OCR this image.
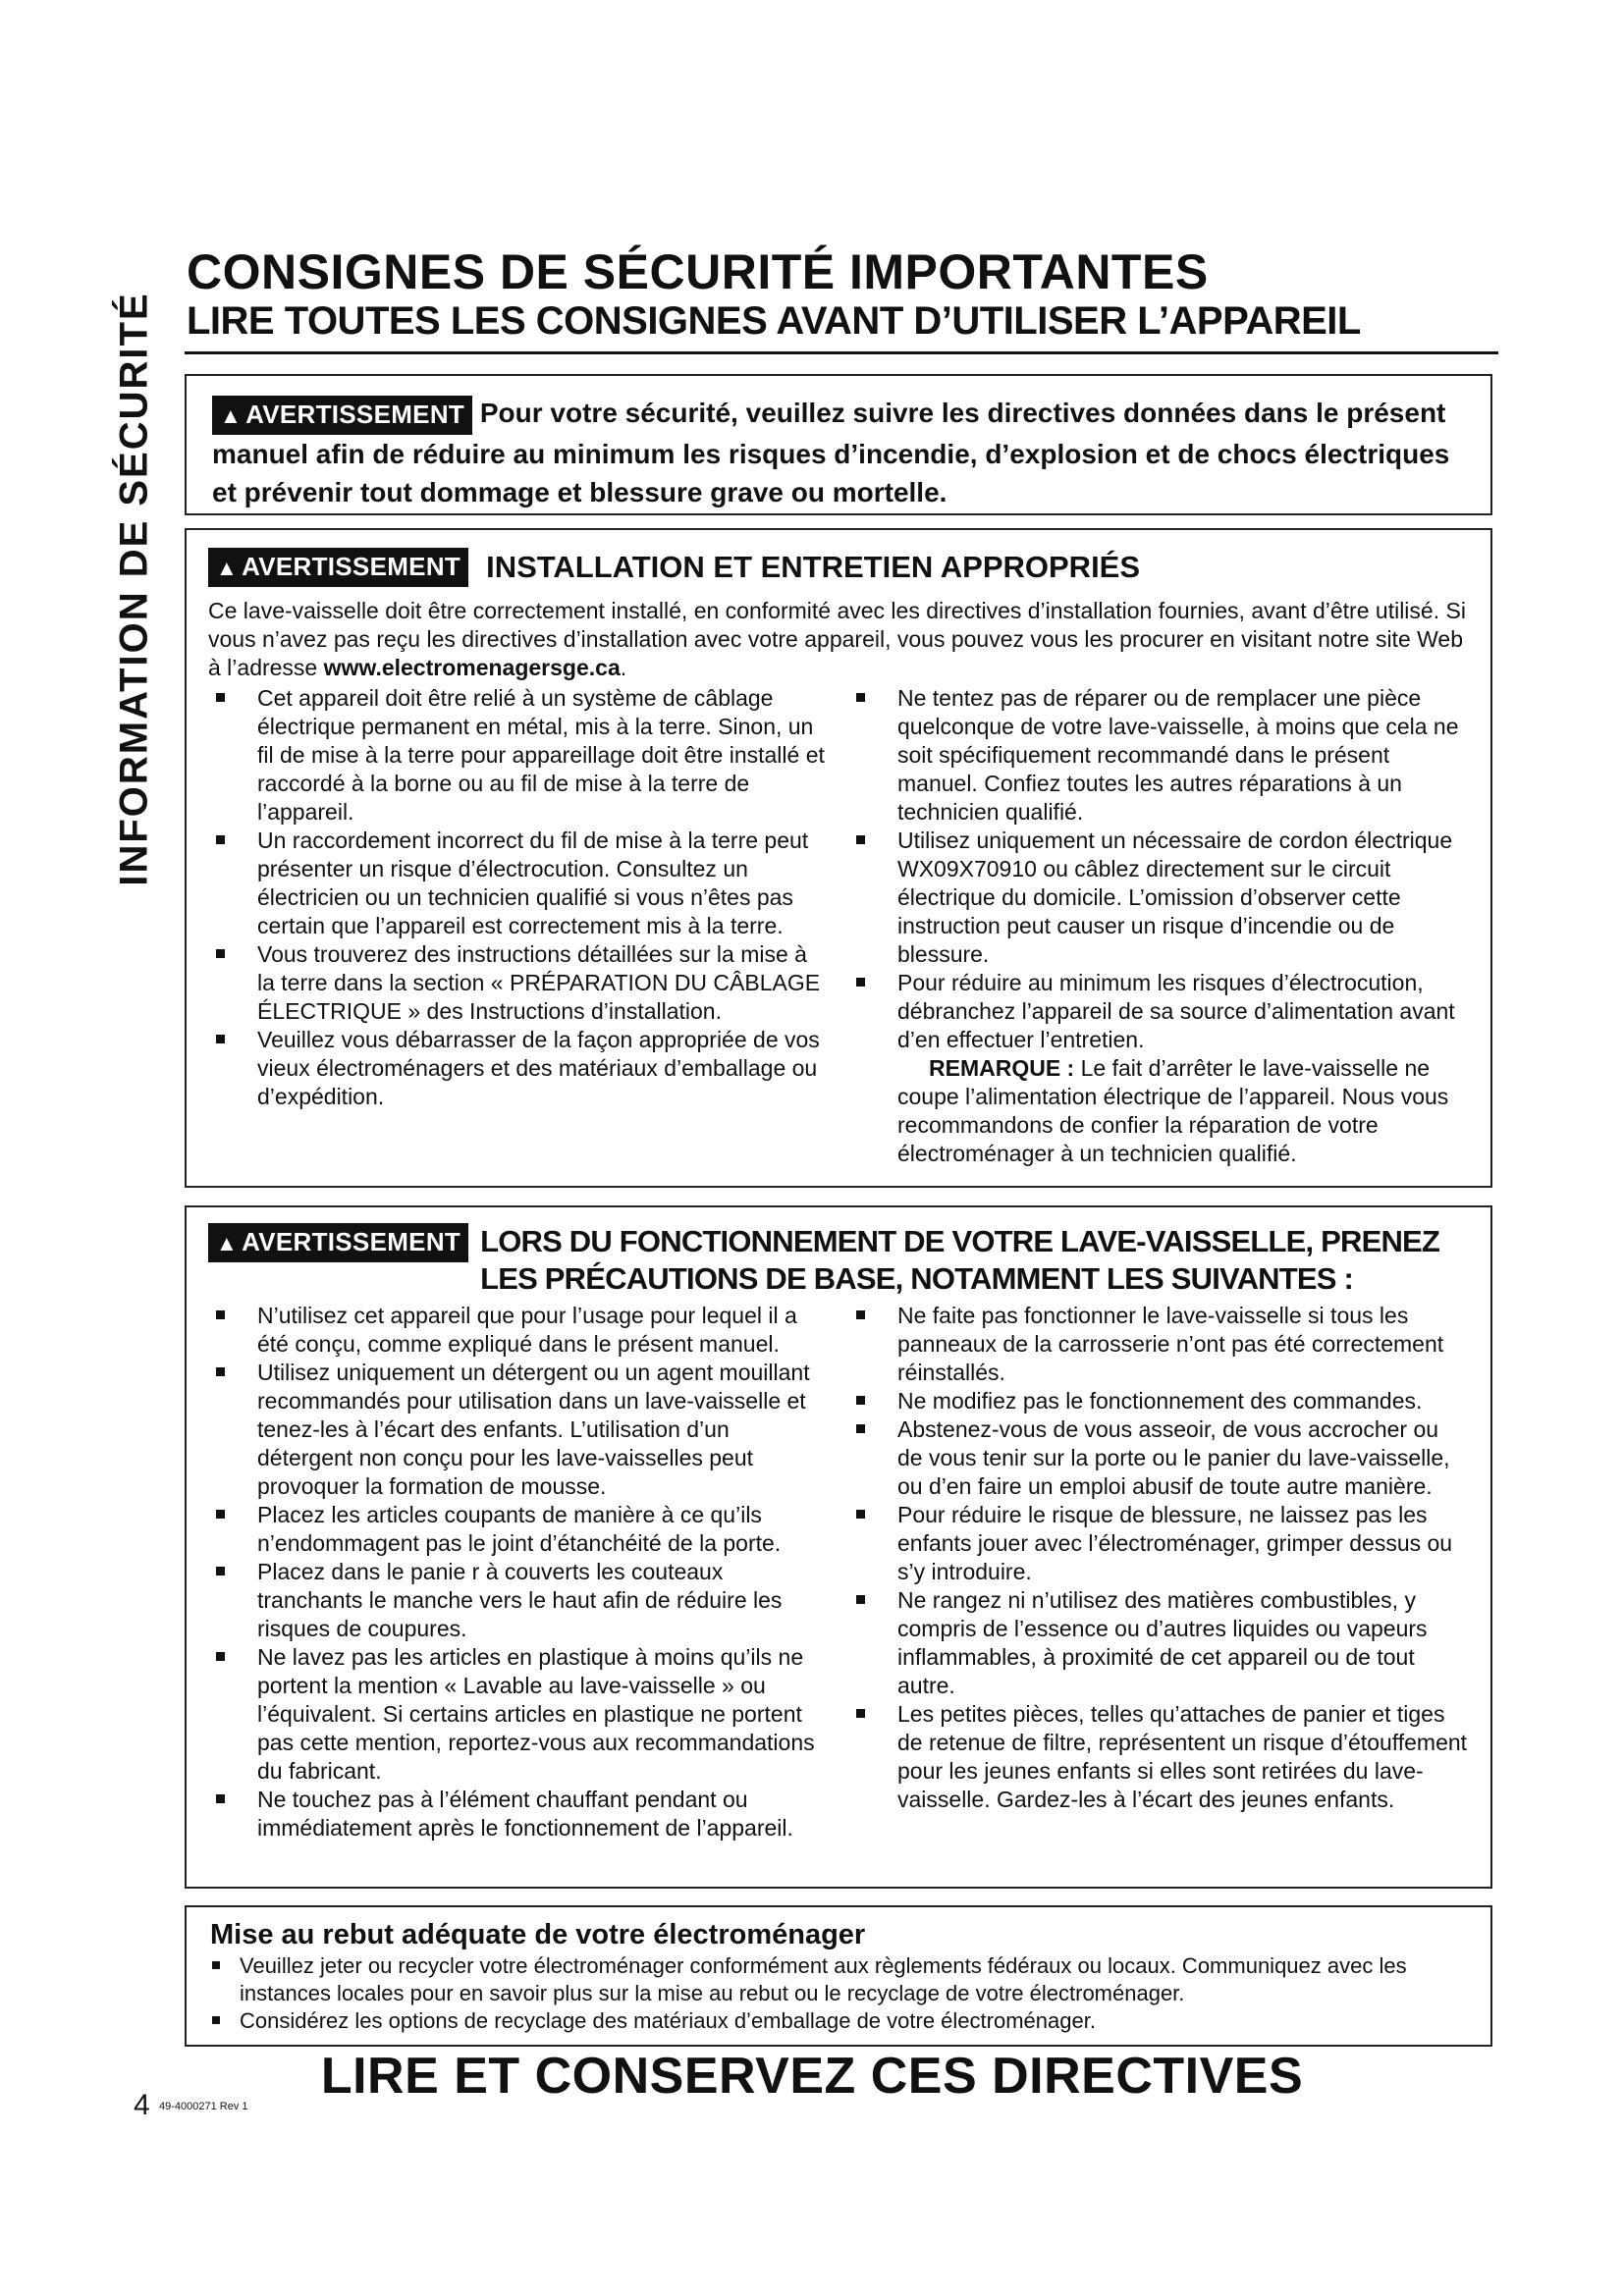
INFORMATION DE SÉCURITÉ
CONSIGNES DE SÉCURITÉ IMPORTANTES
LIRE TOUTES LES CONSIGNES AVANT D’UTILISER L’APPAREIL
▲ AVERTISSEMENT Pour votre sécurité, veuillez suivre les directives données dans le présent manuel afin de réduire au minimum les risques d’incendie, d’explosion et de chocs électriques et prévenir tout dommage et blessure grave ou mortelle.
▲ AVERTISSEMENT INSTALLATION ET ENTRETIEN APPROPRIÉS
Ce lave-vaisselle doit être correctement installé, en conformité avec les directives d’installation fournies, avant d’être utilisé. Si vous n’avez pas reçu les directives d’installation avec votre appareil, vous pouvez vous les procurer en visitant notre site Web à l’adresse www.electromenagersge.ca.
Cet appareil doit être relié à un système de câblage électrique permanent en métal, mis à la terre. Sinon, un fil de mise à la terre pour appareillage doit être installé et raccordé à la borne ou au fil de mise à la terre de l’appareil.
Un raccordement incorrect du fil de mise à la terre peut présenter un risque d’électrocution. Consultez un électricien ou un technicien qualifié si vous n’êtes pas certain que l’appareil est correctement mis à la terre.
Vous trouverez des instructions détaillées sur la mise à la terre dans la section « PRÉPARATION DU CÂBLAGE ÉLECTRIQUE » des Instructions d’installation.
Veuillez vous débarrasser de la façon appropriée de vos vieux électroménagers et des matériaux d’emballage ou d’expédition.
Ne tentez pas de réparer ou de remplacer une pièce quelconque de votre lave-vaisselle, à moins que cela ne soit spécifiquement recommandé dans le présent manuel. Confiez toutes les autres réparations à un technicien qualifié.
Utilisez uniquement un nécessaire de cordon électrique WX09X70910 ou câblez directement sur le circuit électrique du domicile. L’omission d’observer cette instruction peut causer un risque d’incendie ou de blessure.
Pour réduire au minimum les risques d’électrocution, débranchez l’appareil de sa source d’alimentation avant d’en effectuer l’entretien.
REMARQUE : Le fait d’arrêter le lave-vaisselle ne coupe l’alimentation électrique de l’appareil. Nous vous recommandons de confier la réparation de votre électroménager à un technicien qualifié.
▲ AVERTISSEMENT LORS DU FONCTIONNEMENT DE VOTRE LAVE-VAISSELLE, PRENEZ
LES PRÉCAUTIONS DE BASE, NOTAMMENT LES SUIVANTES :
N’utilisez cet appareil que pour l’usage pour lequel il a été conçu, comme expliqué dans le présent manuel.
Utilisez uniquement un détergent ou un agent mouillant recommandés pour utilisation dans un lave-vaisselle et tenez-les à l’écart des enfants. L’utilisation d’un détergent non conçu pour les lave-vaisselles peut provoquer la formation de mousse.
Placez les articles coupants de manière à ce qu’ils n’endommagent pas le joint d’étanchéité de la porte.
Placez dans le panie r à couverts les couteaux tranchants le manche vers le haut afin de réduire les risques de coupures.
Ne lavez pas les articles en plastique à moins qu’ils ne portent la mention « Lavable au lave-vaisselle » ou l’équivalent. Si certains articles en plastique ne portent pas cette mention, reportez-vous aux recommandations du fabricant.
Ne touchez pas à l’élément chauffant pendant ou immédiatement après le fonctionnement de l’appareil.
Ne faite pas fonctionner le lave-vaisselle si tous les panneaux de la carrosserie n’ont pas été correctement réinstallés.
Ne modifiez pas le fonctionnement des commandes.
Abstenez-vous de vous asseoir, de vous accrocher ou de vous tenir sur la porte ou le panier du lave-vaisselle, ou d’en faire un emploi abusif de toute autre manière.
Pour réduire le risque de blessure, ne laissez pas les enfants jouer avec l’électroménager, grimper dessus ou s’y introduire.
Ne rangez ni n’utilisez des matières combustibles, y compris de l’essence ou d’autres liquides ou vapeurs inflammables, à proximité de cet appareil ou de tout autre.
Les petites pièces, telles qu’attaches de panier et tiges de retenue de filtre, représentent un risque d’étouffement pour les jeunes enfants si elles sont retirées du lave-vaisselle. Gardez-les à l’écart des jeunes enfants.
Mise au rebut adéquate de votre électroménager
Veuillez jeter ou recycler votre électroménager conformément aux règlements fédéraux ou locaux. Communiquez avec les instances locales pour en savoir plus sur la mise au rebut ou le recyclage de votre électroménager.
Considérez les options de recyclage des matériaux d’emballage de votre électroménager.
LIRE ET CONSERVEZ CES DIRECTIVES
4 49-4000271 Rev 1
